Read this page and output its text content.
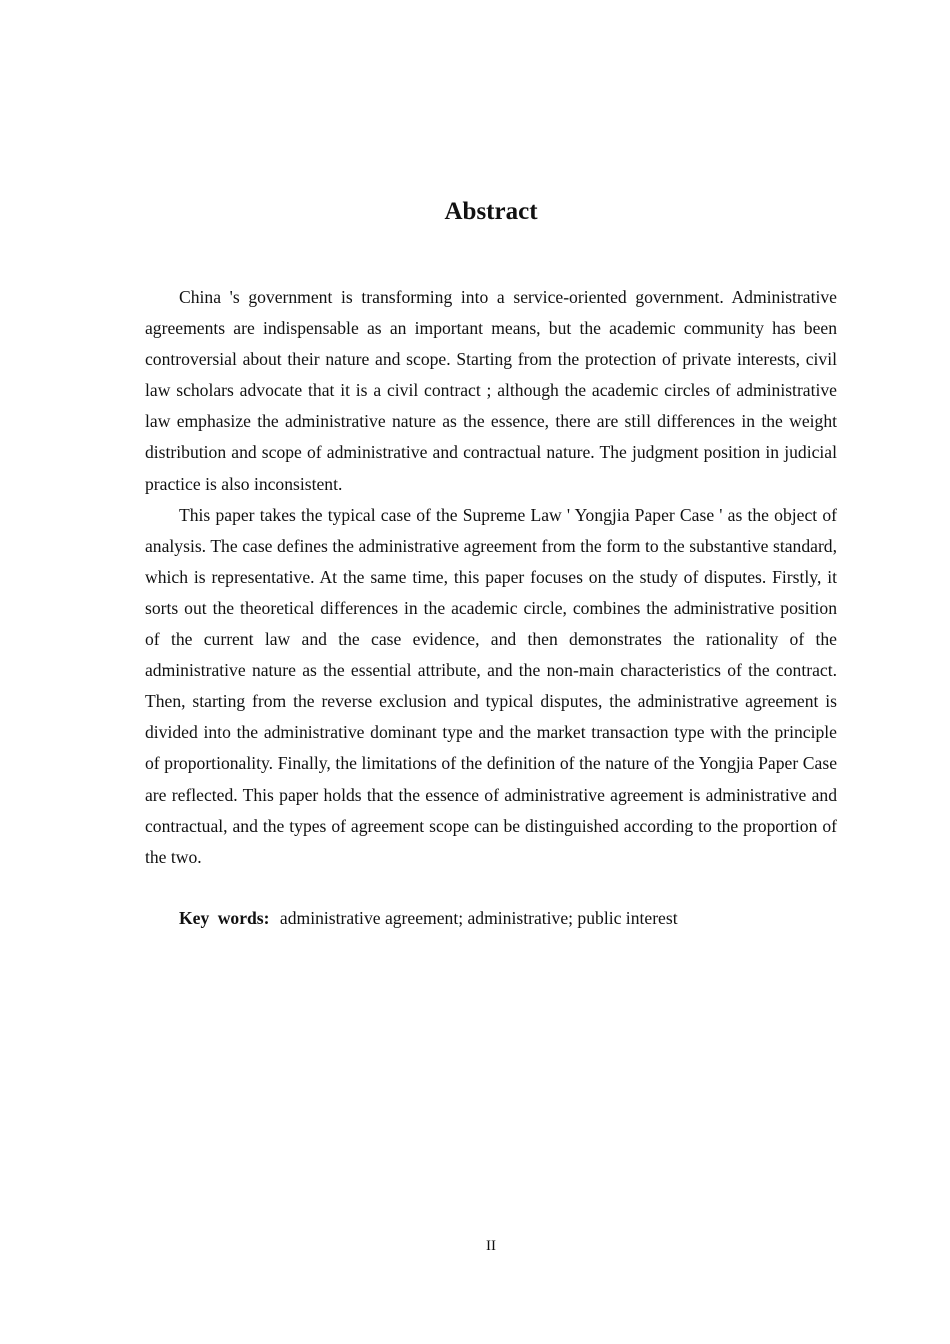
Abstract

China 's government is transforming into a service-oriented government. Administrative agreements are indispensable as an important means, but the academic community has been controversial about their nature and scope. Starting from the protection of private interests, civil law scholars advocate that it is a civil contract ; although the academic circles of administrative law emphasize the administrative nature as the essence, there are still differences in the weight distribution and scope of administrative and contractual nature. The judgment position in judicial practice is also inconsistent.

This paper takes the typical case of the Supreme Law ' Yongjia Paper Case ' as the object of analysis. The case defines the administrative agreement from the form to the substantive standard, which is representative. At the same time, this paper focuses on the study of disputes. Firstly, it sorts out the theoretical differences in the academic circle, combines the administrative position of the current law and the case evidence, and then demonstrates the rationality of the administrative nature as the essential attribute, and the non-main characteristics of the contract. Then, starting from the reverse exclusion and typical disputes, the administrative agreement is divided into the administrative dominant type and the market transaction type with the principle of proportionality. Finally, the limitations of the definition of the nature of the Yongjia Paper Case are reflected. This paper holds that the essence of administrative agreement is administrative and contractual, and the types of agreement scope can be distinguished according to the proportion of the two.

Key words: administrative agreement; administrative; public interest
II
